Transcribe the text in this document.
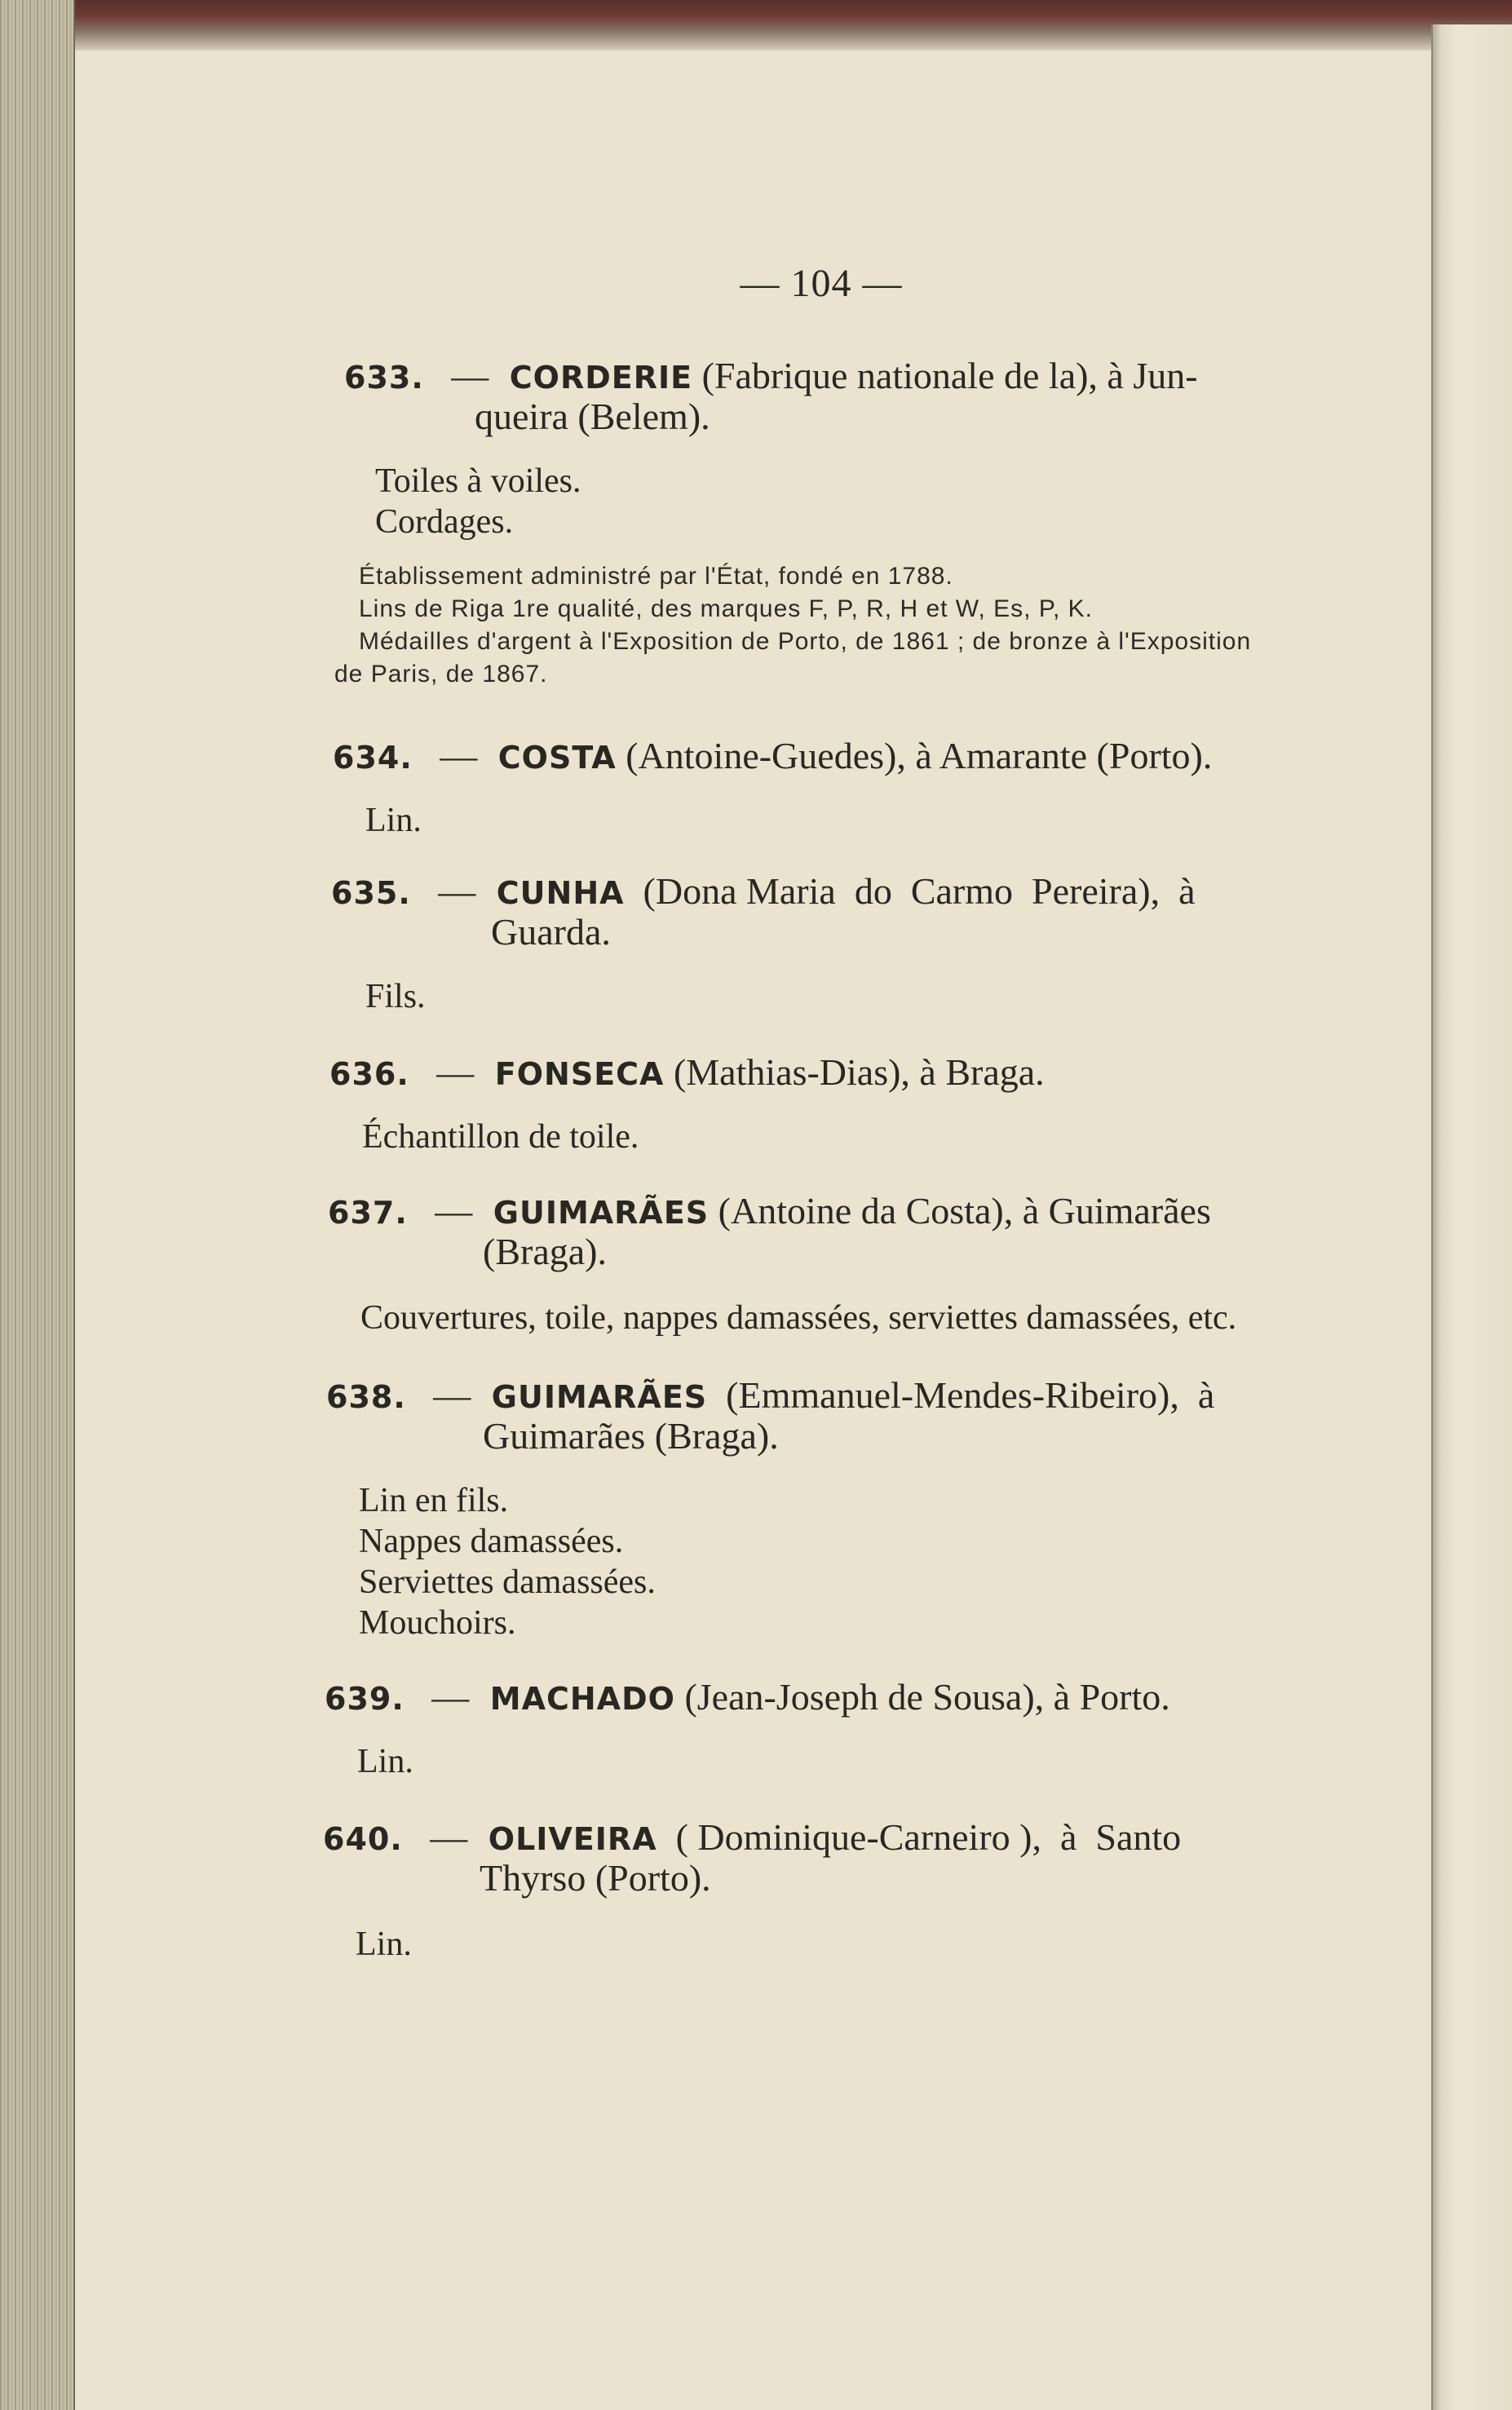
— 104 —
633. — CORDERIE (Fabrique nationale de la), à Jun-
queira (Belem).
Toiles à voiles.
Cordages.
Établissement administré par l'État, fondé en 1788.
Lins de Riga 1re qualité, des marques F, P, R, H et W, Es, P, K.
Médailles d'argent à l'Exposition de Porto, de 1861 ; de bronze à l'Exposition
de Paris, de 1867.
634. — COSTA (Antoine-Guedes), à Amarante (Porto).
Lin.
635. — CUNHA  (Dona Maria  do  Carmo  Pereira),  à
Guarda.
Fils.
636. — FONSECA (Mathias-Dias), à Braga.
Échantillon de toile.
637. — GUIMARÃES (Antoine da Costa), à Guimarães
(Braga).
Couvertures, toile, nappes damassées, serviettes damassées, etc.
638. — GUIMARÃES  (Emmanuel-Mendes-Ribeiro),  à
Guimarães (Braga).
Lin en fils.
Nappes damassées.
Serviettes damassées.
Mouchoirs.
639. — MACHADO (Jean-Joseph de Sousa), à Porto.
Lin.
640. — OLIVEIRA  ( Dominique-Carneiro ),  à  Santo
Thyrso (Porto).
Lin.
